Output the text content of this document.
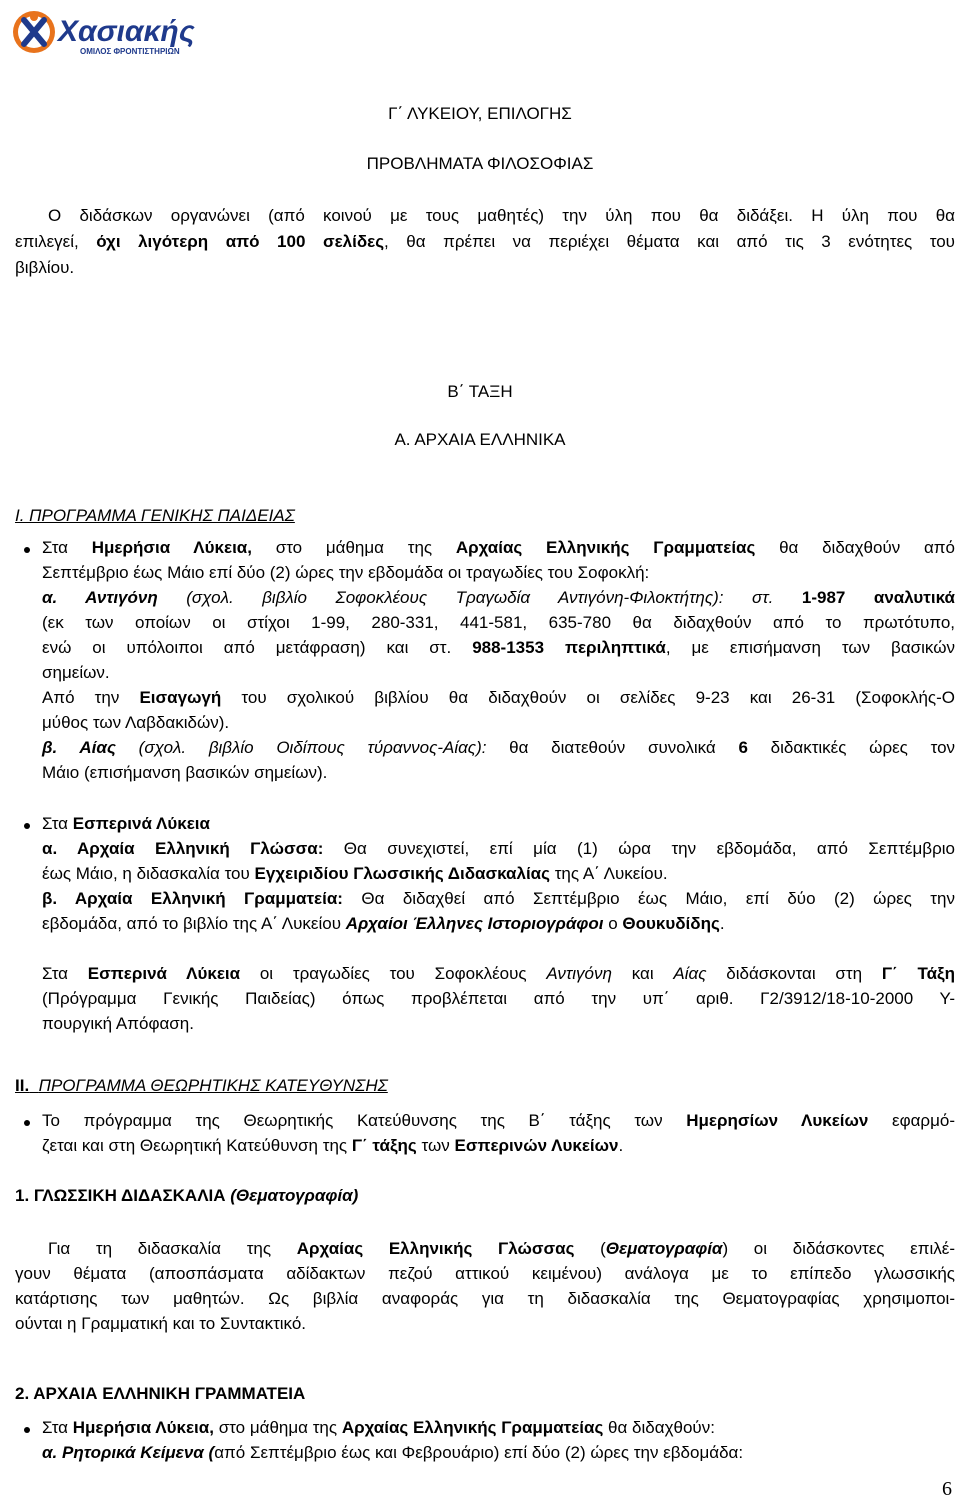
Χασιακής
ΟΜΙΛΟΣ ΦΡΟΝΤΙΣΤΗΡΙΩΝ
Γ΄ ΛΥΚΕΙΟΥ, ΕΠΙΛΟΓΗΣ
ΠΡΟΒΛΗΜΑΤΑ ΦΙΛΟΣΟΦΙΑΣ
Ο διδάσκων οργανώνει (από κοινού με τους μαθητές) την ύλη που θα διδάξει. Η ύλη που θα
επιλεγεί, όχι λιγότερη από 100 σελίδες, θα πρέπει να περιέχει θέματα και από τις 3 ενότητες του
βιβλίου.
Β΄ ΤΑΞΗ
Α. ΑΡΧΑΙΑ ΕΛΛΗΝΙΚΑ
Ι. ΠΡΟΓΡΑΜΜΑ ΓΕΝΙΚΗΣ ΠΑΙΔΕΙΑΣ
Στα Ημερήσια Λύκεια, στο μάθημα της Αρχαίας Ελληνικής Γραμματείας θα διδαχθούν από
Σεπτέμβριο έως Μάιο επί δύο (2) ώρες την εβδομάδα οι τραγωδίες του Σοφοκλή:
α. Αντιγόνη (σχολ. βιβλίο Σοφοκλέους Τραγωδία Αντιγόνη-Φιλοκτήτης): στ. 1-987 αναλυτικά
(εκ των οποίων οι στίχοι 1-99, 280-331, 441-581, 635-780 θα διδαχθούν από το πρωτότυπο,
ενώ οι υπόλοιποι από μετάφραση) και στ. 988-1353 περιληπτικά, με επισήμανση των βασικών
σημείων.
Από την Εισαγωγή του σχολικού βιβλίου θα διδαχθούν οι σελίδες 9-23 και 26-31 (Σοφοκλής-Ο
μύθος των Λαβδακιδών).
β. Αίας (σχολ. βιβλίο Οιδίπους τύραννος-Αίας): θα διατεθούν συνολικά 6 διδακτικές ώρες τον
Μάιο (επισήμανση βασικών σημείων).
Στα Εσπερινά Λύκεια
α. Αρχαία Ελληνική Γλώσσα: Θα συνεχιστεί, επί μία (1) ώρα την εβδομάδα, από Σεπτέμβριο
έως Μάιο, η διδασκαλία του Εγχειριδίου Γλωσσικής Διδασκαλίας της Α΄ Λυκείου.
β. Αρχαία Ελληνική Γραμματεία: Θα διδαχθεί από Σεπτέμβριο έως Μάιο, επί δύο (2) ώρες την
εβδομάδα, από το βιβλίο της Α΄ Λυκείου Αρχαίοι Έλληνες Ιστοριογράφοι ο Θουκυδίδης.
Στα Εσπερινά Λύκεια οι τραγωδίες του Σοφοκλέους Αντιγόνη και Αίας διδάσκονται στη Γ΄ Τάξη
(Πρόγραμμα Γενικής Παιδείας) όπως προβλέπεται από την υπ΄ αριθ. Γ2/3912/18-10-2000 Υ-
πουργική Απόφαση.
ΙΙ. ΠΡΟΓΡΑΜΜΑ ΘΕΩΡΗΤΙΚΗΣ ΚΑΤΕΥΘΥΝΣΗΣ
Το πρόγραμμα της Θεωρητικής Κατεύθυνσης της Β΄ τάξης των Ημερησίων Λυκείων εφαρμό-
ζεται και στη Θεωρητική Κατεύθυνση της Γ΄ τάξης των Εσπερινών Λυκείων.
1. ΓΛΩΣΣΙΚΗ ΔΙΔΑΣΚΑΛΙΑ (Θεματογραφία)
Για τη διδασκαλία της Αρχαίας Ελληνικής Γλώσσας (Θεματογραφία) οι διδάσκοντες επιλέ-
γουν θέματα (αποσπάσματα αδίδακτων πεζού αττικού κειμένου) ανάλογα με το επίπεδο γλωσσικής
κατάρτισης των μαθητών. Ως βιβλία αναφοράς για τη διδασκαλία της Θεματογραφίας χρησιμοποι-
ούνται η Γραμματική και το Συντακτικό.
2. ΑΡΧΑΙΑ ΕΛΛΗΝΙΚΗ ΓΡΑΜΜΑΤΕΙΑ
Στα Ημερήσια Λύκεια, στο μάθημα της Αρχαίας Ελληνικής Γραμματείας θα διδαχθούν:
α. Ρητορικά Κείμενα (από Σεπτέμβριο έως και Φεβρουάριο) επί δύο (2) ώρες την εβδομάδα:
6
